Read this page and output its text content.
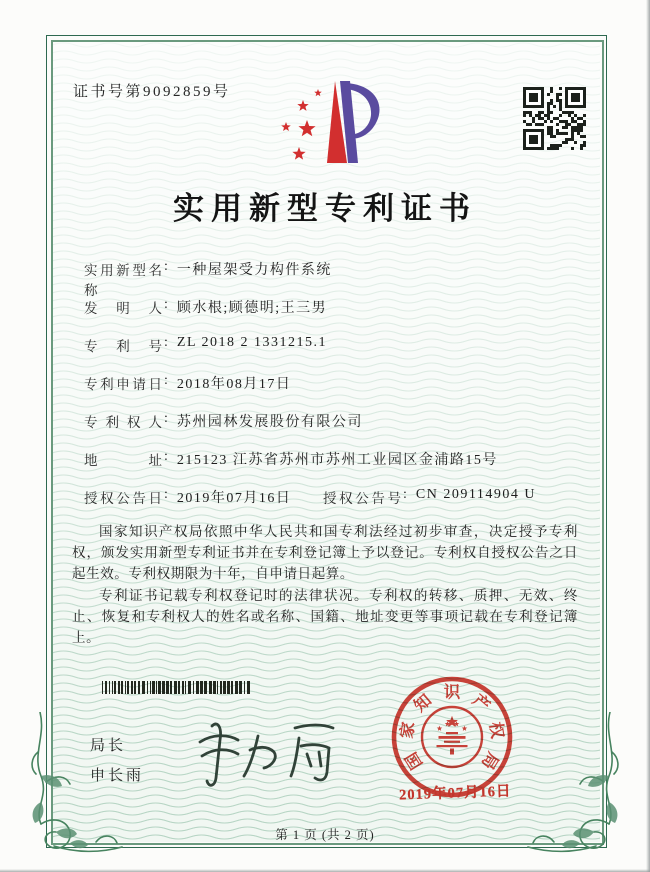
证书号第9092859号
实用新型专利证书
实用新型名称
: 一种屋架受力构件系统
发明人 : 顾水根;顾德明;王三男
专利号 : ZL 2018 2 1331215.1
专利申请日 : 2018年08月17日
专利权人 : 苏州园林发展股份有限公司
地址 : 215123 江苏省苏州市苏州工业园区金浦路15号
授权公告日 : 2019年07月16日 授权公告号 : CN 209114904 U

国家知识产权局依照中华人民共和国专利法经过初步审查，决定授予专利权，颁发实用新型专利证书并在专利登记簿上予以登记。专利权自授权公告之日起生效。专利权期限为十年，自申请日起算。

专利证书记载专利权登记时的法律状况。专利权的转移、质押、无效、终止、恢复和专利权人的姓名或名称、国籍、地址变更等事项记载在专利登记簿上。

局长
申长雨
国
家
知 识 产
权
局
2019年07月16日
第 1 页 (共 2 页)
